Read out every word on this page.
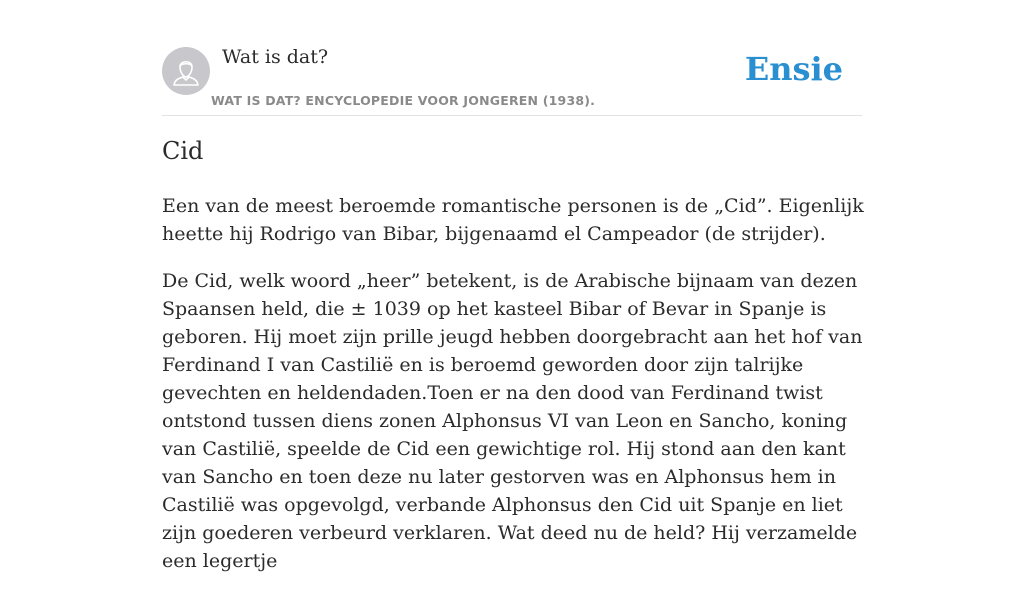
Wat is dat?
WAT IS DAT? ENCYCLOPEDIE VOOR JONGEREN (1938).
Ensie
Cid

Een van de meest beroemde romantische personen is de „Cid”. Eigenlijk heette hij Rodrigo van Bibar, bijgenaamd el Campeador (de strijder).

De Cid, welk woord „heer” betekent, is de Arabische bijnaam van dezen Spaansen held, die ± 1039 op het kasteel Bibar of Bevar in Spanje is geboren. Hij moet zijn prille jeugd hebben doorgebracht aan het hof van Ferdinand I van Castilië en is beroemd geworden door zijn talrijke gevechten en heldendaden.Toen er na den dood van Ferdinand twist ontstond tussen diens zonen Alphonsus VI van Leon en Sancho, koning van Castilië, speelde de Cid een gewichtige rol. Hij stond aan den kant van Sancho en toen deze nu later gestorven was en Alphonsus hem in Castilië was opgevolgd, verbande Alphonsus den Cid uit Spanje en liet zijn goederen verbeurd verklaren. Wat deed nu de held? Hij verzamelde een legertje
